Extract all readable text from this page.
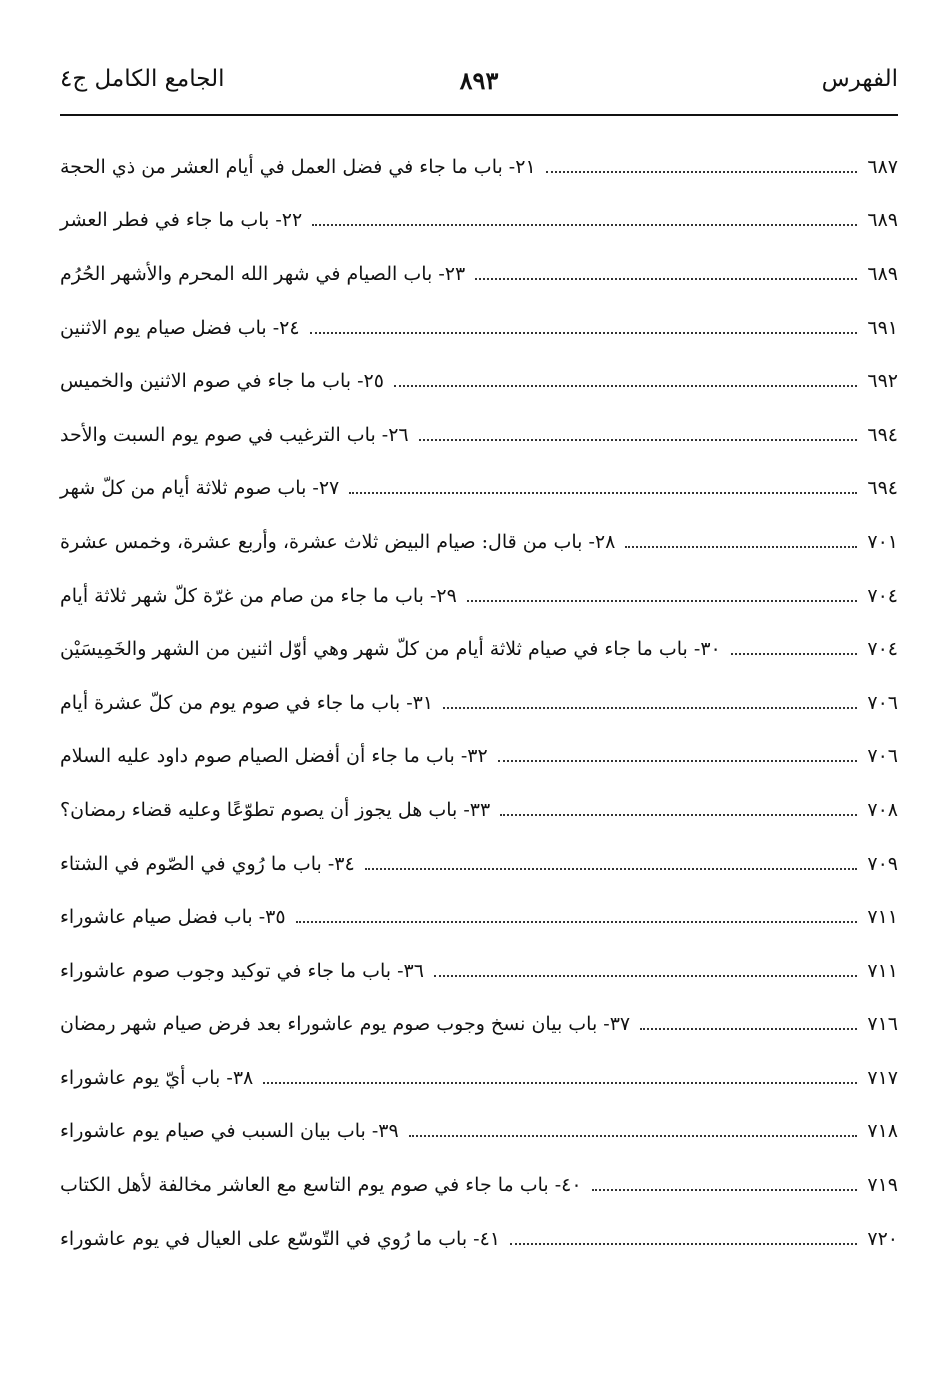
الجامع الكامل ج٤	٨٩٣	الفهرس
٢١- باب ما جاء في فضل العمل في أيام العشر من ذي الحجة	٦٨٧
٢٢- باب ما جاء في فطر العشر	٦٨٩
٢٣- باب الصيام في شهر الله المحرم والأشهر الحُرُم	٦٨٩
٢٤- باب فضل صيام يوم الاثنين	٦٩١
٢٥- باب ما جاء في صوم الاثنين والخميس	٦٩٢
٢٦- باب الترغيب في صوم يوم السبت والأحد	٦٩٤
٢٧- باب صوم ثلاثة أيام من كلّ شهر	٦٩٤
٢٨- باب من قال: صيام البيض ثلاث عشرة، وأربع عشرة، وخمس عشرة	٧٠١
٢٩- باب ما جاء من صام من غرّة كلّ شهر ثلاثة أيام	٧٠٤
٣٠- باب ما جاء في صيام ثلاثة أيام من كلّ شهر وهي أوّل اثنين من الشهر والخَمِيسَيْن	٧٠٤
٣١- باب ما جاء في صوم يوم من كلّ عشرة أيام	٧٠٦
٣٢- باب ما جاء أن أفضل الصيام صوم داود عليه السلام	٧٠٦
٣٣- باب هل يجوز أن يصوم تطوّعًا وعليه قضاء رمضان؟	٧٠٨
٣٤- باب ما رُوي في الصّوم في الشتاء	٧٠٩
٣٥- باب فضل صيام عاشوراء	٧١١
٣٦- باب ما جاء في توكيد وجوب صوم عاشوراء	٧١١
٣٧- باب بيان نسخ وجوب صوم يوم عاشوراء بعد فرض صيام شهر رمضان	٧١٦
٣٨- باب أيّ يوم عاشوراء	٧١٧
٣٩- باب بيان السبب في صيام يوم عاشوراء	٧١٨
٤٠- باب ما جاء في صوم يوم التاسع مع العاشر مخالفة لأهل الكتاب	٧١٩
٤١- باب ما رُوي في التّوسّع على العيال في يوم عاشوراء	٧٢٠
